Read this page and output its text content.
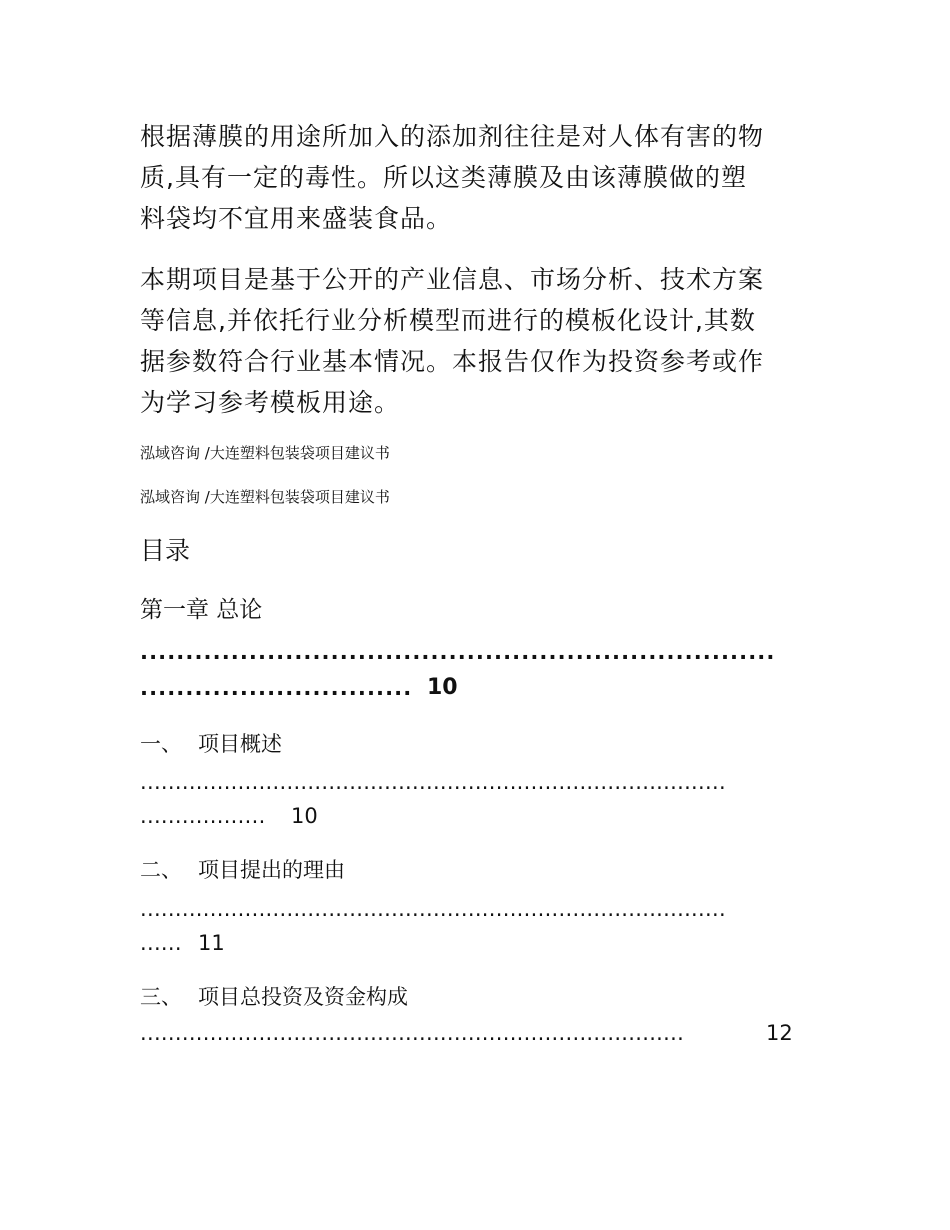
根据薄膜的用途所加入的添加剂往往是对人体有害的物
质,具有一定的毒性。所以这类薄膜及由该薄膜做的塑
料袋均不宜用来盛装食品。

本期项目是基于公开的产业信息、市场分析、技术方案
等信息,并依托行业分析模型而进行的模板化设计,其数
据参数符合行业基本情况。本报告仅作为投资参考或作
为学习参考模板用途。

泓域咨询 /大连塑料包装袋项目建议书
泓域咨询 /大连塑料包装袋项目建议书
目录
第一章 总论
......................................................................
.............................. 10
一、 项目概述
....................................................................................
..................	10
二、 项目提出的理由
....................................................................................
...... 11
三、 项目总投资及资金构成
..............................................................................	12
